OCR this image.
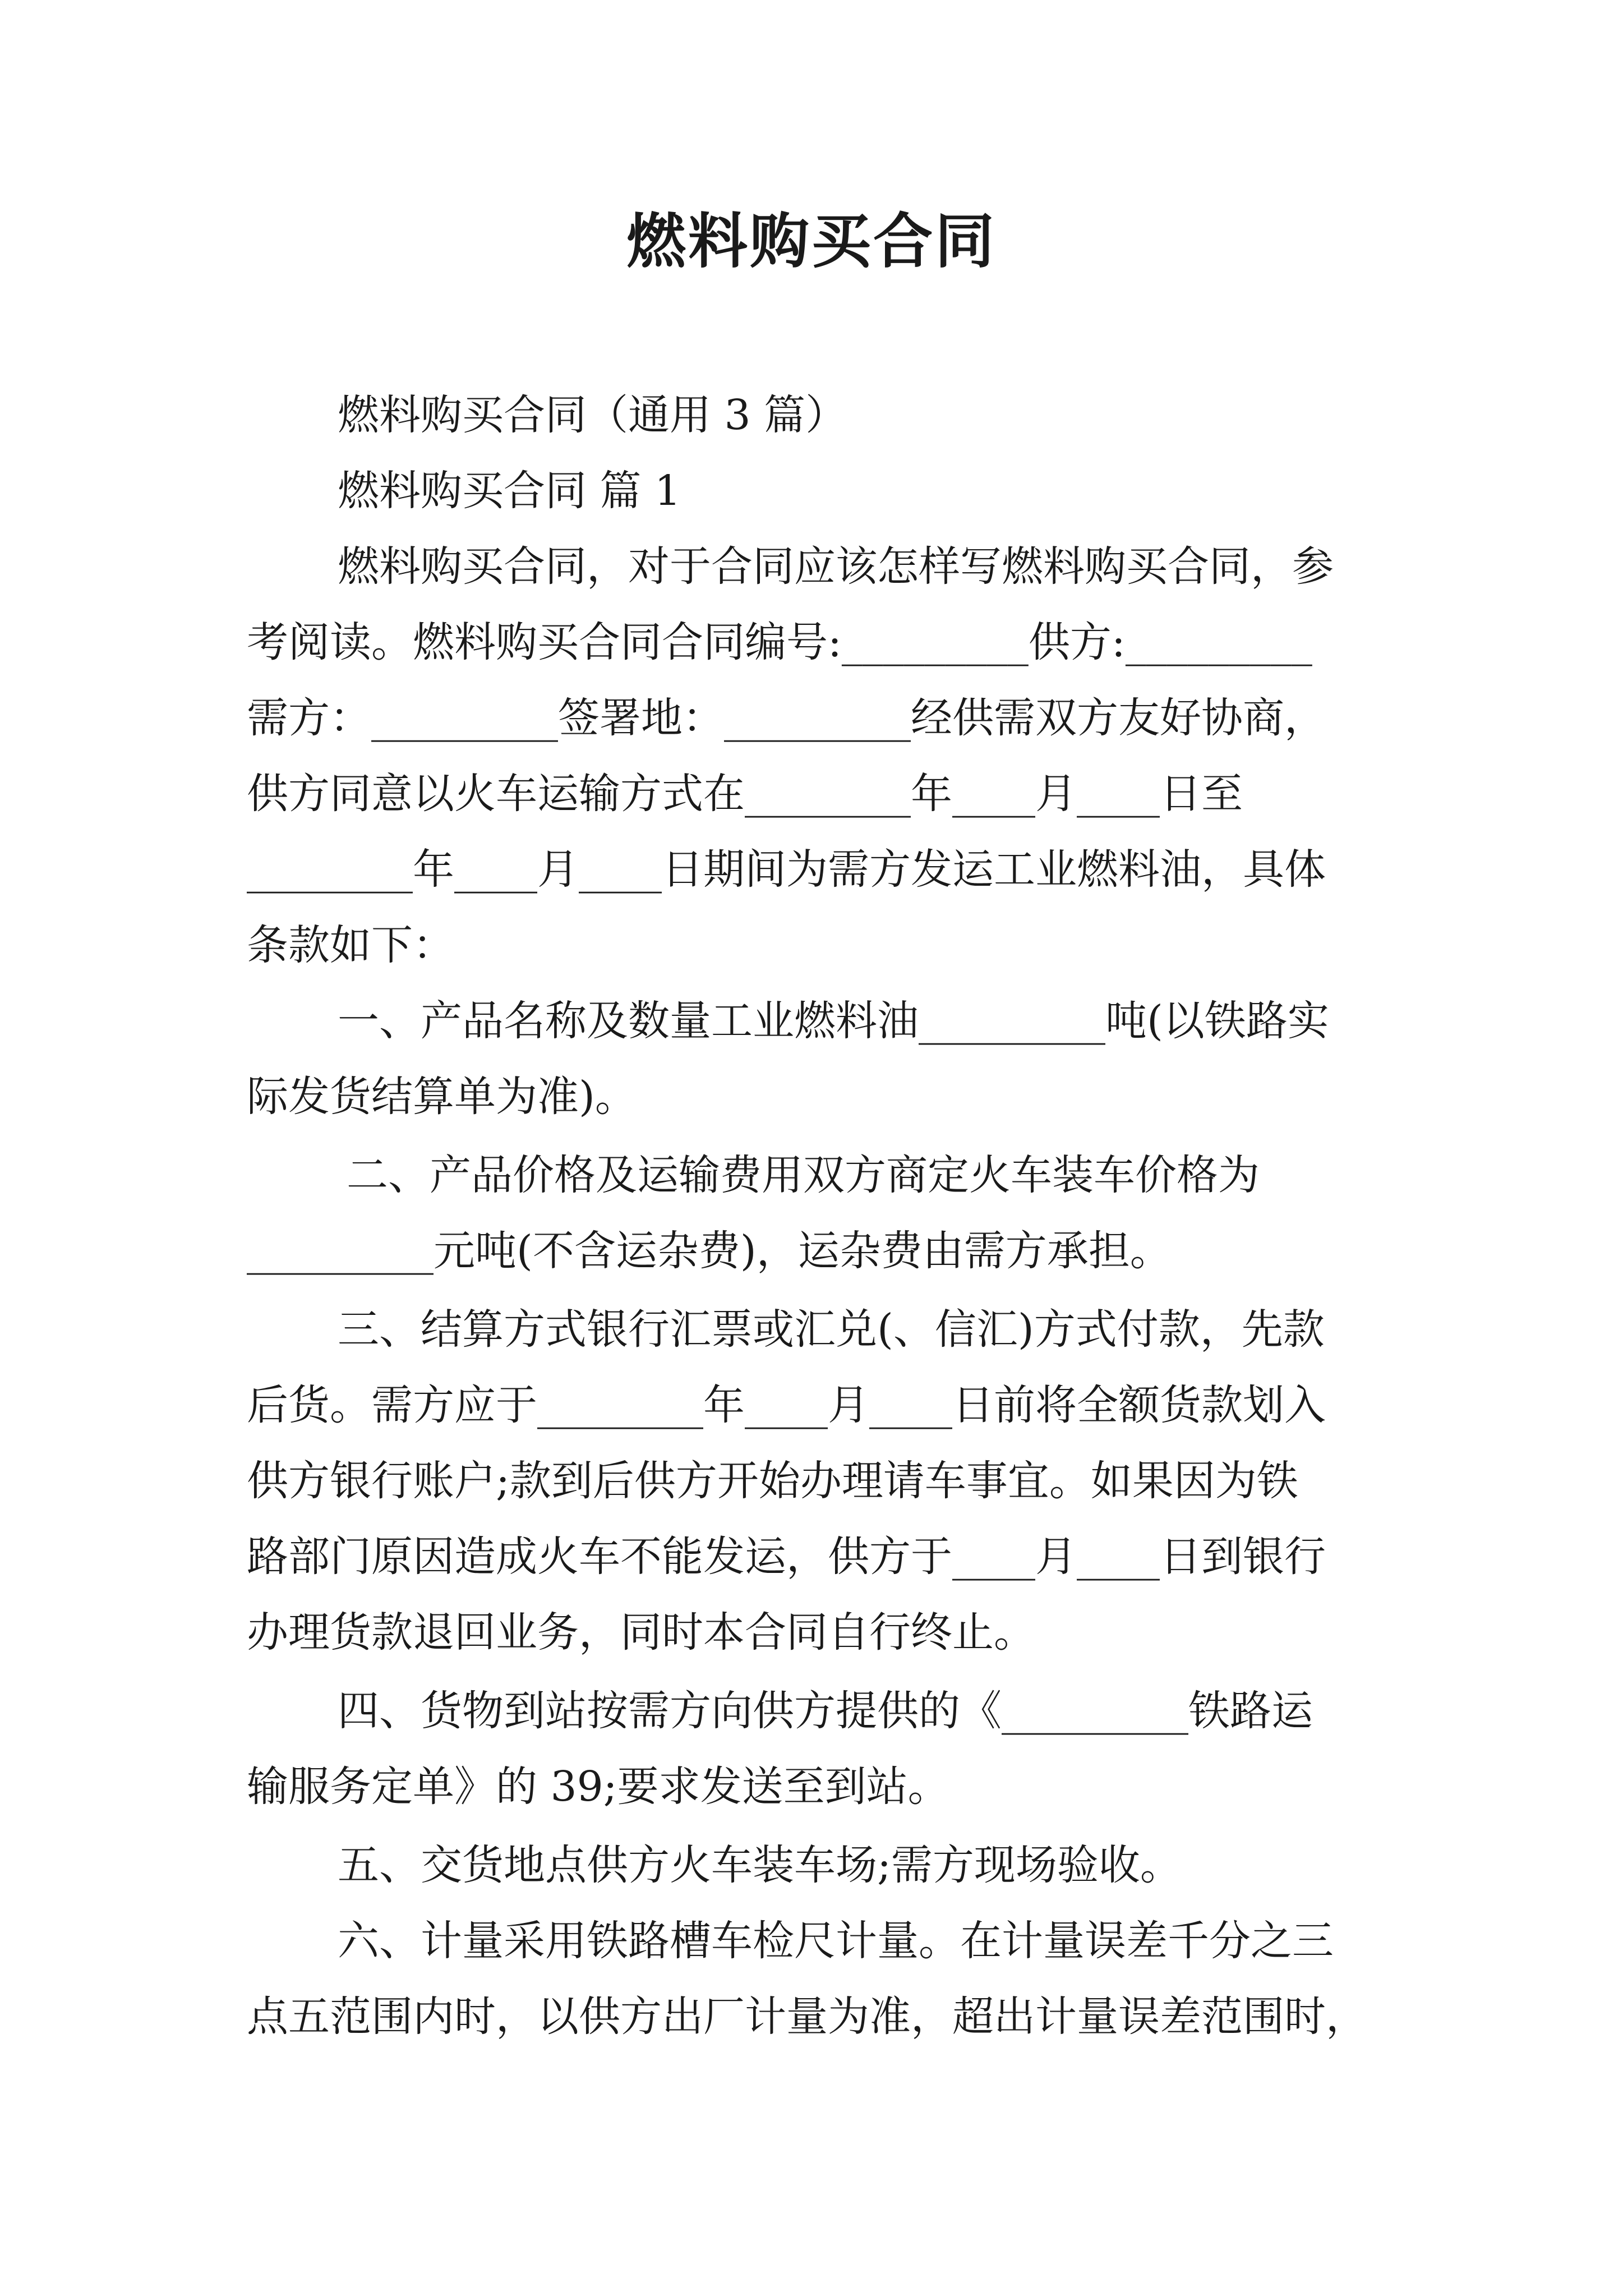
燃料购买合同
燃料购买合同（通用 3 篇）
燃料购买合同 篇 1
燃料购买合同，对于合同应该怎样写燃料购买合同，参
考阅读。燃料购买合同合同编号:_________供方:_________
需方：_________签署地：_________经供需双方友好协商，
供方同意以火车运输方式在________年____月____日至
________年____月____日期间为需方发运工业燃料油，具体
条款如下：
一、产品名称及数量工业燃料油_________吨(以铁路实
际发货结算单为准)。
二、产品价格及运输费用双方商定火车装车价格为
_________元吨(不含运杂费)，运杂费由需方承担。
三、结算方式银行汇票或汇兑(、信汇)方式付款，先款
后货。需方应于________年____月____日前将全额货款划入
供方银行账户;款到后供方开始办理请车事宜。如果因为铁
路部门原因造成火车不能发运，供方于____月____日到银行
办理货款退回业务，同时本合同自行终止。
四、货物到站按需方向供方提供的《_________铁路运
输服务定单》的 39;要求发送至到站。
五、交货地点供方火车装车场;需方现场验收。
六、计量采用铁路槽车检尺计量。在计量误差千分之三
点五范围内时，以供方出厂计量为准，超出计量误差范围时，
